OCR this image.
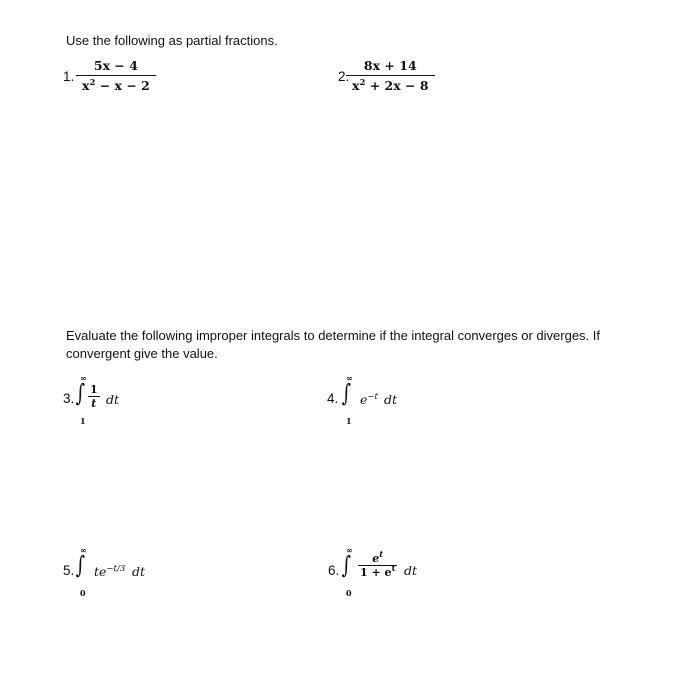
Use the following as partial fractions.
1.
5x − 4
$x^2 - x - 2$
2.
8x + 14
$x^2 + 2x - 8$
Evaluate the following improper integrals to determine if the integral converges or diverges. If
convergent give the value.
3.
∞
∫
1
1
t dt	4.
∞
∫
1
$e^{-t}$ dt
5.
∞
∫
0
$te^{-t/3}$ dt	6.
∞
∫
0
$e^t$
$1 + e^t$ dt
